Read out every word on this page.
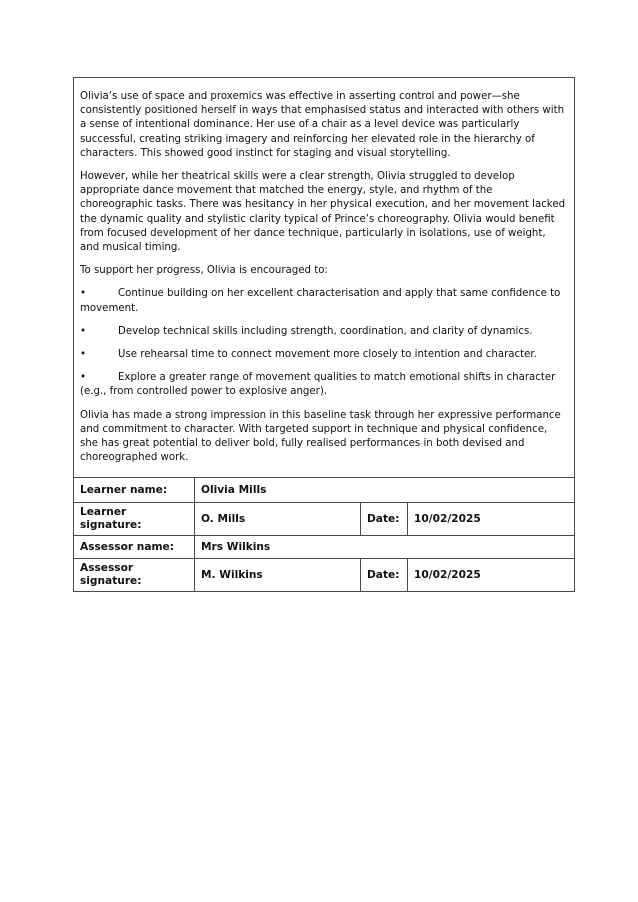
Olivia’s use of space and proxemics was effective in asserting control and power—she consistently positioned herself in ways that emphasised status and interacted with others with a sense of intentional dominance. Her use of a chair as a level device was particularly successful, creating striking imagery and reinforcing her elevated role in the hierarchy of characters. This showed good instinct for staging and visual storytelling.

However, while her theatrical skills were a clear strength, Olivia struggled to develop appropriate dance movement that matched the energy, style, and rhythm of the choreographic tasks. There was hesitancy in her physical execution, and her movement lacked the dynamic quality and stylistic clarity typical of Prince’s choreography. Olivia would benefit from focused development of her dance technique, particularly in isolations, use of weight, and musical timing.

To support her progress, Olivia is encouraged to:

•	Continue building on her excellent characterisation and apply that same confidence to movement.

•	Develop technical skills including strength, coordination, and clarity of dynamics.

•	Use rehearsal time to connect movement more closely to intention and character.

•	Explore a greater range of movement qualities to match emotional shifts in character (e.g., from controlled power to explosive anger).

Olivia has made a strong impression in this baseline task through her expressive performance and commitment to character. With targeted support in technique and physical confidence, she has great potential to deliver bold, fully realised performances in both devised and choreographed work.

Learner name:	Olivia Mills		
Learner signature:	O. Mills	Date:	10/02/2025
Assessor name:	Mrs Wilkins		
Assessor signature:	M. Wilkins	Date:	10/02/2025
